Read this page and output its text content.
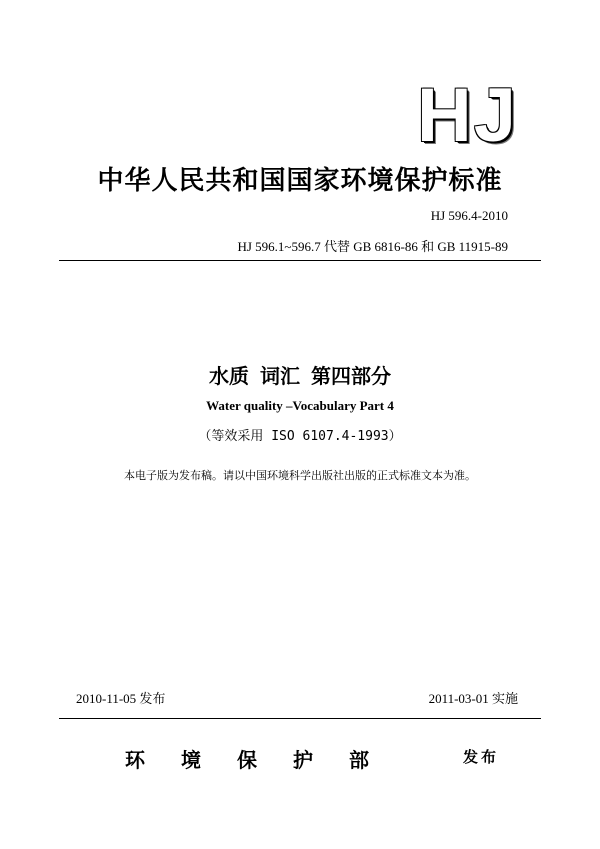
HJ
中华人民共和国国家环境保护标准
HJ 596.4-2010
HJ 596.1~596.7 代替 GB 6816-86 和 GB 11915-89
水质 词汇 第四部分
Water quality –Vocabulary Part 4
（等效采用 ISO 6107.4-1993）
本电子版为发布稿。请以中国环境科学出版社出版的正式标准文本为准。
2010-11-05 发布	2011-03-01 实施
环境保护部	发布
